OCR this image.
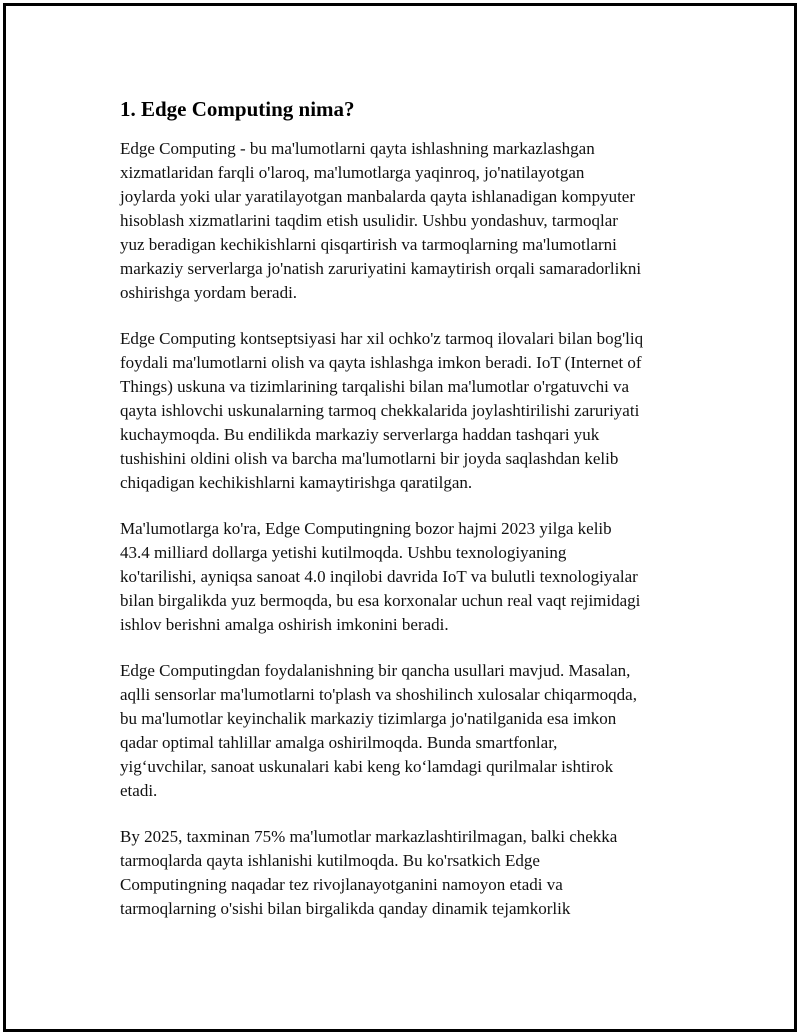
1. Edge Computing nima?

Edge Computing - bu ma'lumotlarni qayta ishlashning markazlashgan
xizmatlaridan farqli o'laroq, ma'lumotlarga yaqinroq, jo'natilayotgan
joylarda yoki ular yaratilayotgan manbalarda qayta ishlanadigan kompyuter
hisoblash xizmatlarini taqdim etish usulidir. Ushbu yondashuv, tarmoqlar
yuz beradigan kechikishlarni qisqartirish va tarmoqlarning ma'lumotlarni
markaziy serverlarga jo'natish zaruriyatini kamaytirish orqali samaradorlikni
oshirishga yordam beradi.

Edge Computing kontseptsiyasi har xil ochko'z tarmoq ilovalari bilan bog'liq
foydali ma'lumotlarni olish va qayta ishlashga imkon beradi. IoT (Internet of
Things) uskuna va tizimlarining tarqalishi bilan ma'lumotlar o'rgatuvchi va
qayta ishlovchi uskunalarning tarmoq chekkalarida joylashtirilishi zaruriyati
kuchaymoqda. Bu endilikda markaziy serverlarga haddan tashqari yuk
tushishini oldini olish va barcha ma'lumotlarni bir joyda saqlashdan kelib
chiqadigan kechikishlarni kamaytirishga qaratilgan.

Ma'lumotlarga ko'ra, Edge Computingning bozor hajmi 2023 yilga kelib
43.4 milliard dollarga yetishi kutilmoqda. Ushbu texnologiyaning
ko'tarilishi, ayniqsa sanoat 4.0 inqilobi davrida IoT va bulutli texnologiyalar
bilan birgalikda yuz bermoqda, bu esa korxonalar uchun real vaqt rejimidagi
ishlov berishni amalga oshirish imkonini beradi.

Edge Computingdan foydalanishning bir qancha usullari mavjud. Masalan,
aqlli sensorlar ma'lumotlarni to'plash va shoshilinch xulosalar chiqarmoqda,
bu ma'lumotlar keyinchalik markaziy tizimlarga jo'natilganida esa imkon
qadar optimal tahlillar amalga oshirilmoqda. Bunda smartfonlar,
yig‘uvchilar, sanoat uskunalari kabi keng ko‘lamdagi qurilmalar ishtirok
etadi.

By 2025, taxminan 75% ma'lumotlar markazlashtirilmagan, balki chekka
tarmoqlarda qayta ishlanishi kutilmoqda. Bu ko'rsatkich Edge
Computingning naqadar tez rivojlanayotganini namoyon etadi va
tarmoqlarning o'sishi bilan birgalikda qanday dinamik tejamkorlik
